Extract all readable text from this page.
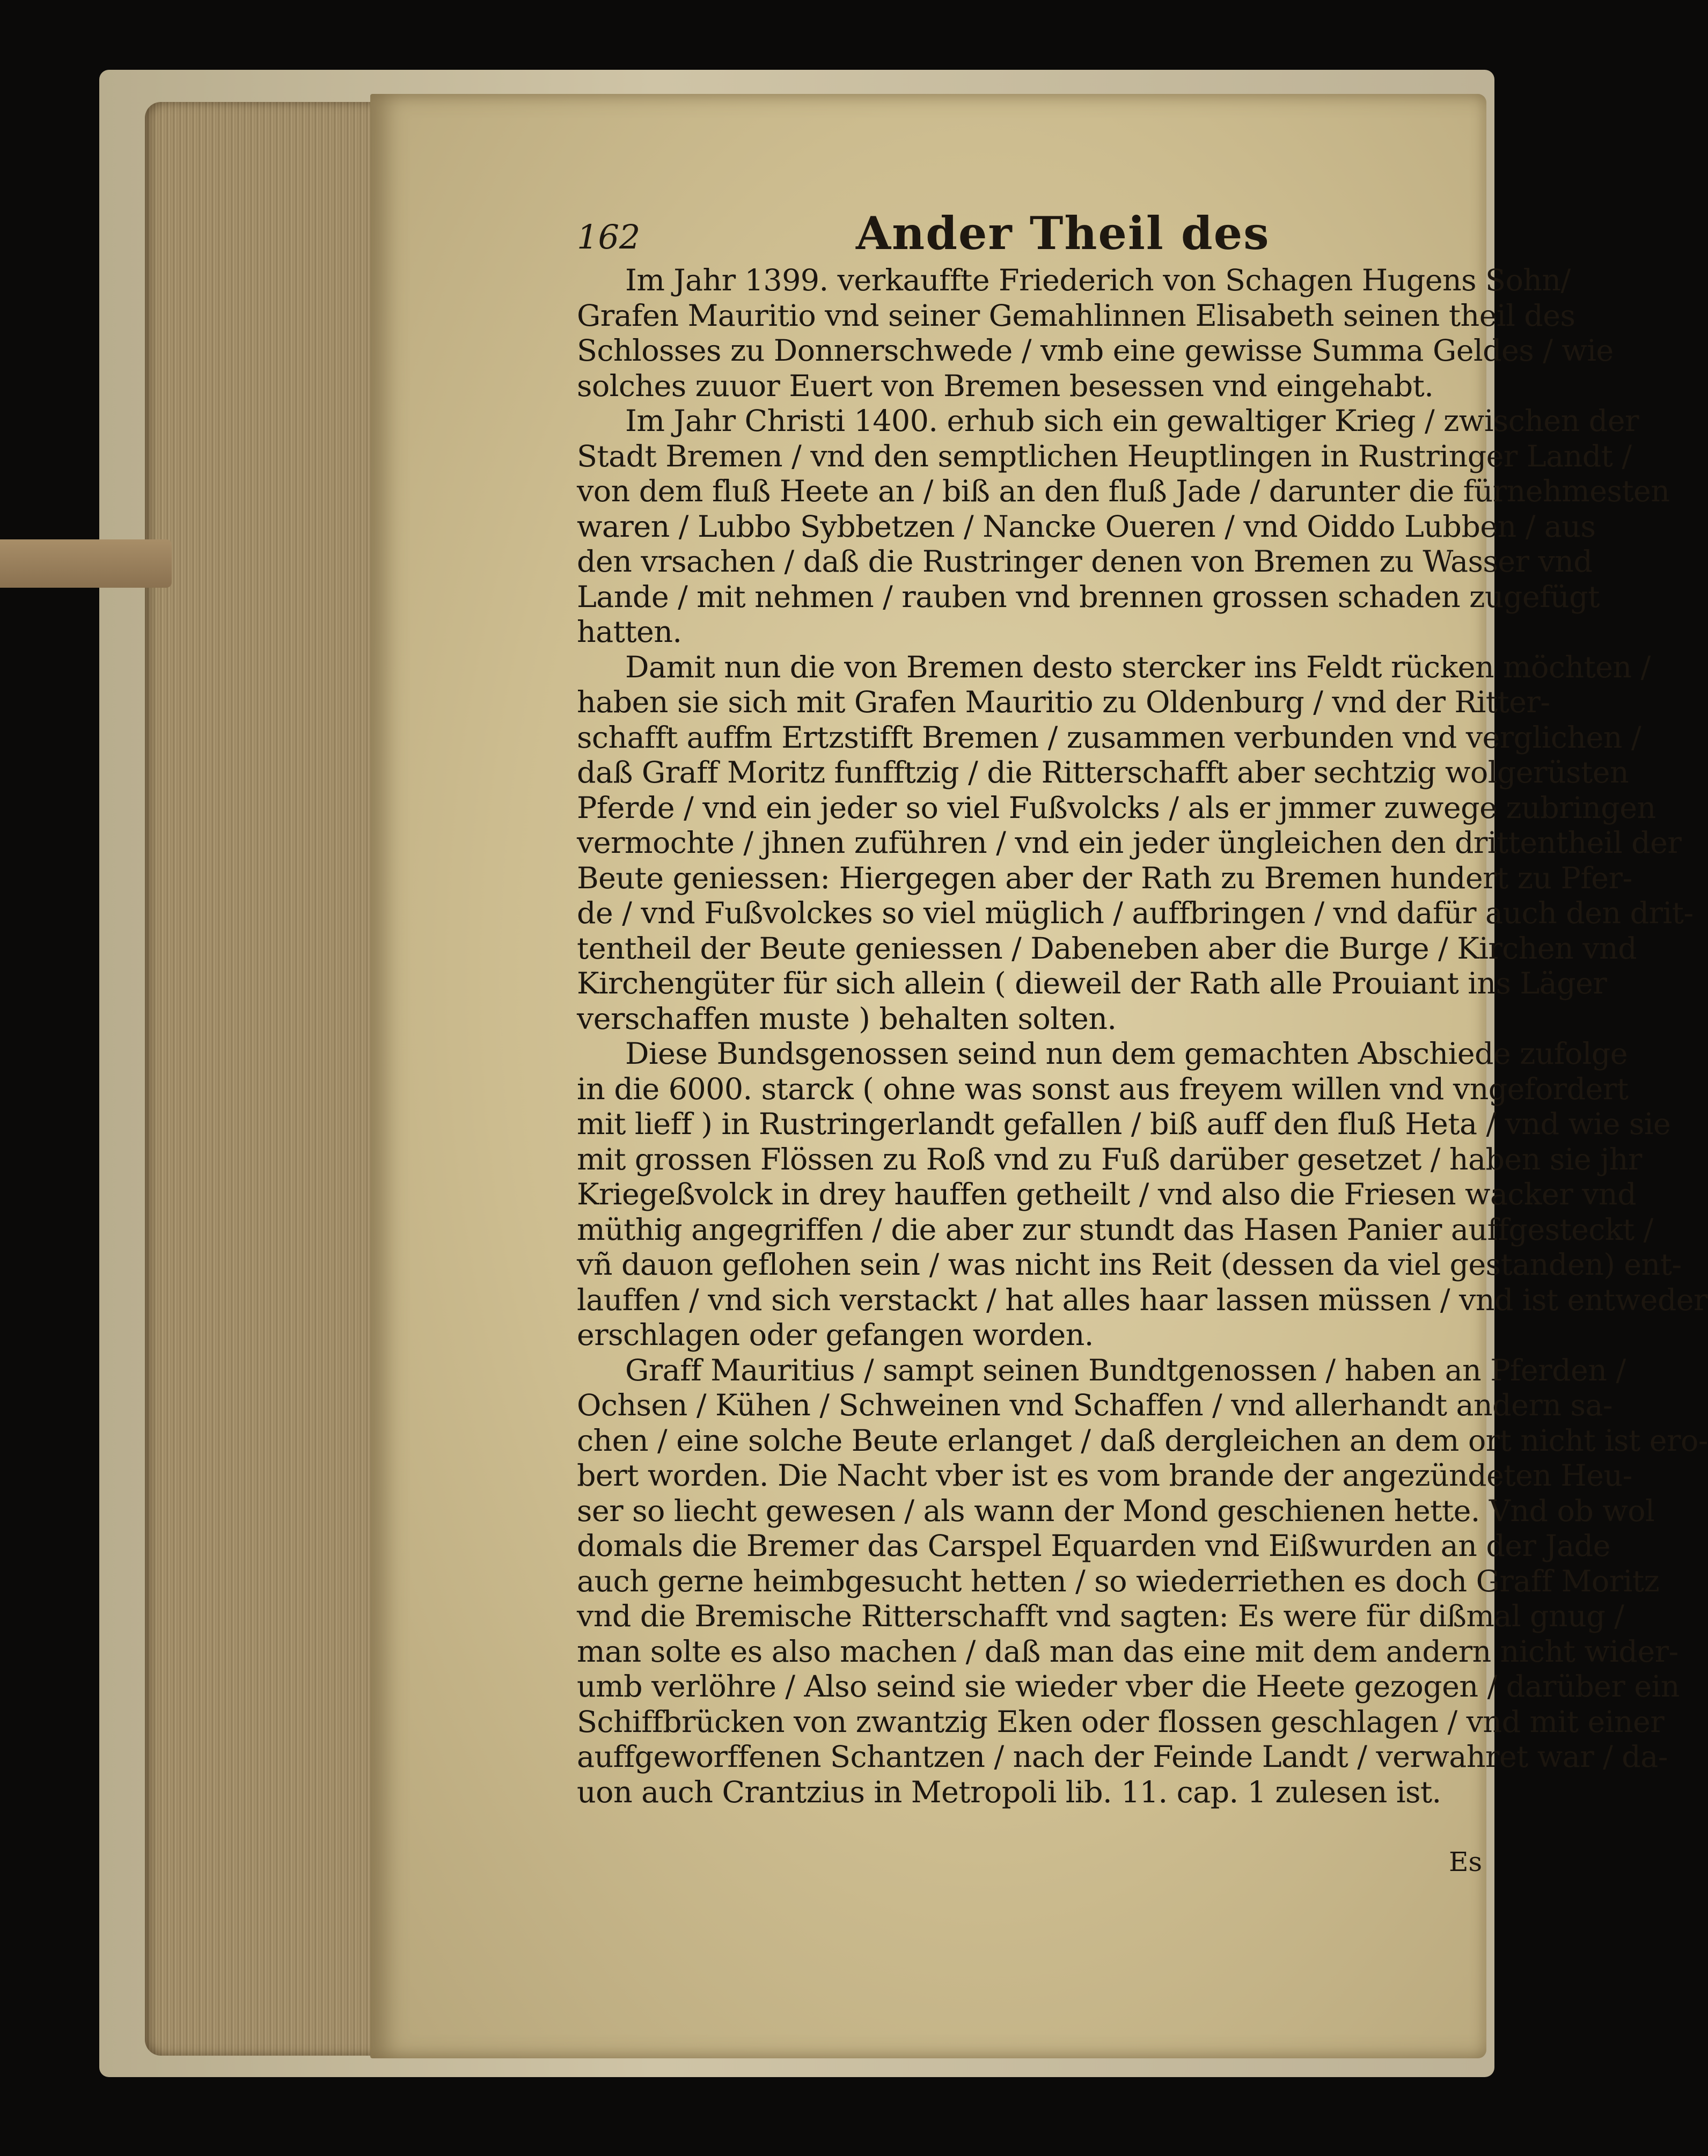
162	Ander Theil des
Im Jahr 1399. verkauffte Friederich von Schagen Hugens Sohn/
Grafen Mauritio vnd seiner Gemahlinnen Elisabeth seinen theil des
Schlosses zu Donnerschwede / vmb eine gewisse Summa Geldes / wie
solches zuuor Euert von Bremen besessen vnd eingehabt.
Im Jahr Christi 1400. erhub sich ein gewaltiger Krieg / zwischen der
Stadt Bremen / vnd den semptlichen Heuptlingen in Rustringer Landt /
von dem fluß Heete an / biß an den fluß Jade / darunter die fürnehmesten
waren / Lubbo Sybbetzen / Nancke Oueren / vnd Oiddo Lubben / aus
den vrsachen / daß die Rustringer denen von Bremen zu Wasser vnd
Lande / mit nehmen / rauben vnd brennen grossen schaden zugefügt
hatten.
Damit nun die von Bremen desto stercker ins Feldt rücken möchten /
haben sie sich mit Grafen Mauritio zu Oldenburg / vnd der Ritter-
schafft auffm Ertzstifft Bremen / zusammen verbunden vnd verglichen /
daß Graff Moritz funfftzig / die Ritterschafft aber sechtzig wolgerüsten
Pferde / vnd ein jeder so viel Fußvolcks / als er jmmer zuwege zubringen
vermochte / jhnen zuführen / vnd ein jeder üngleichen den drittentheil der
Beute geniessen: Hiergegen aber der Rath zu Bremen hundert zu Pfer-
de / vnd Fußvolckes so viel müglich / auffbringen / vnd dafür auch den drit-
tentheil der Beute geniessen / Dabeneben aber die Burge / Kirchen vnd
Kirchengüter für sich allein ( dieweil der Rath alle Prouiant ins Läger
verschaffen muste ) behalten solten.
Diese Bundsgenossen seind nun dem gemachten Abschiede zufolge
in die 6000. starck ( ohne was sonst aus freyem willen vnd vngefordert
mit lieff ) in Rustringerlandt gefallen / biß auff den fluß Heta / vnd wie sie
mit grossen Flössen zu Roß vnd zu Fuß darüber gesetzet / haben sie jhr
Kriegeßvolck in drey hauffen getheilt / vnd also die Friesen wacker vnd
müthig angegriffen / die aber zur stundt das Hasen Panier auffgesteckt /
vñ dauon geflohen sein / was nicht ins Reit (dessen da viel gestanden) ent-
lauffen / vnd sich verstackt / hat alles haar lassen müssen / vnd ist entweder
erschlagen oder gefangen worden.
Graff Mauritius / sampt seinen Bundtgenossen / haben an Pferden /
Ochsen / Kühen / Schweinen vnd Schaffen / vnd allerhandt andern sa-
chen / eine solche Beute erlanget / daß dergleichen an dem ort nicht ist ero-
bert worden. Die Nacht vber ist es vom brande der angezündeten Heu-
ser so liecht gewesen / als wann der Mond geschienen hette. Vnd ob wol
domals die Bremer das Carspel Equarden vnd Eißwurden an der Jade
auch gerne heimbgesucht hetten / so wiederriethen es doch Graff Moritz
vnd die Bremische Ritterschafft vnd sagten: Es were für dißmal gnug /
man solte es also machen / daß man das eine mit dem andern nicht wider-
umb verlöhre / Also seind sie wieder vber die Heete gezogen / darüber ein
Schiffbrücken von zwantzig Eken oder flossen geschlagen / vnd mit einer
auffgeworffenen Schantzen / nach der Feinde Landt / verwahret war / da-
uon auch Crantzius in Metropoli lib. 11. cap. 1 zulesen ist.
Es
